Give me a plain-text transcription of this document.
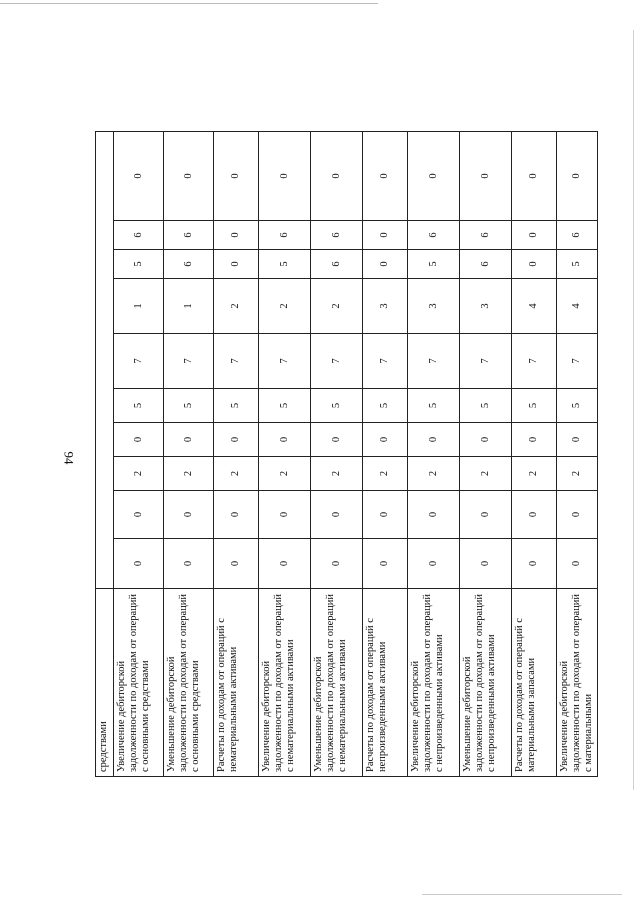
94
средствами										
Увеличение дебиторской задолженности по доходам от операций с основными средствами	0	0	2	0	5	7	1	5	6	0
Уменьшение дебиторской задолженности по доходам от операций с основными средствами	0	0	2	0	5	7	1	6	6	0
Расчеты по доходам от операций с нематериальными активами	0	0	2	0	5	7	2	0	0	0
Увеличение дебиторской задолженности по доходам от операций с нематериальными активами	0	0	2	0	5	7	2	5	6	0
Уменьшение дебиторской задолженности по доходам от операций с нематериальными активами	0	0	2	0	5	7	2	6	6	0
Расчеты по доходам от операций с непроизведенными активами	0	0	2	0	5	7	3	0	0	0
Увеличение дебиторской задолженности по доходам от операций с непроизведенными активами	0	0	2	0	5	7	3	5	6	0
Уменьшение дебиторской задолженности по доходам от операций с непроизведенными активами	0	0	2	0	5	7	3	6	6	0
Расчеты по доходам от операций с материальными запасами	0	0	2	0	5	7	4	0	0	0
Увеличение дебиторской задолженности по доходам от операций с материальными	0	0	2	0	5	7	4	5	6	0
